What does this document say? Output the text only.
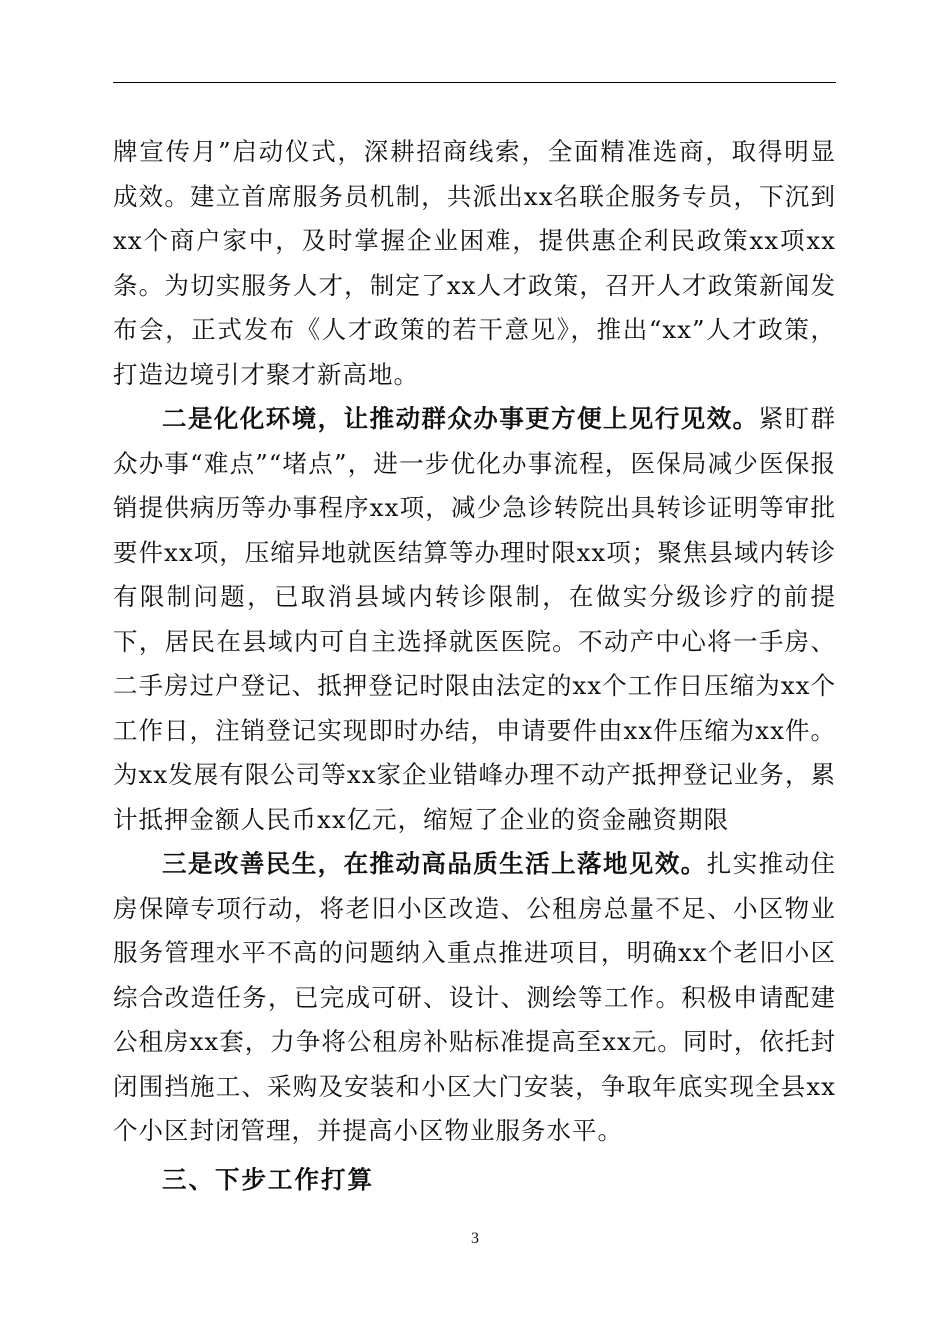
牌宣传月”启动仪式，深耕招商线索，全面精准选商，取得明显成效。建立首席服务员机制，共派出xx名联企服务专员，下沉到xx个商户家中，及时掌握企业困难，提供惠企利民政策xx项xx条。为切实服务人才，制定了xx人才政策，召开人才政策新闻发布会，正式发布《人才政策的若干意见》，推出“xx”人才政策，打造边境引才聚才新高地。

二是化化环境，让推动群众办事更方便上见行见效。紧盯群众办事“难点”“堵点”，进一步优化办事流程，医保局减少医保报销提供病历等办事程序xx项，减少急诊转院出具转诊证明等审批要件xx项，压缩异地就医结算等办理时限xx项；聚焦县域内转诊有限制问题，已取消县域内转诊限制，在做实分级诊疗的前提下，居民在县域内可自主选择就医医院。不动产中心将一手房、二手房过户登记、抵押登记时限由法定的xx个工作日压缩为xx个工作日，注销登记实现即时办结，申请要件由xx件压缩为xx件。为xx发展有限公司等xx家企业错峰办理不动产抵押登记业务，累计抵押金额人民币xx亿元，缩短了企业的资金融资期限

三是改善民生，在推动高品质生活上落地见效。扎实推动住房保障专项行动，将老旧小区改造、公租房总量不足、小区物业服务管理水平不高的问题纳入重点推进项目，明确xx个老旧小区综合改造任务，已完成可研、设计、测绘等工作。积极申请配建公租房xx套，力争将公租房补贴标准提高至xx元。同时，依托封闭围挡施工、采购及安装和小区大门安装，争取年底实现全县xx个小区封闭管理，并提高小区物业服务水平。

三、下步工作打算

3
